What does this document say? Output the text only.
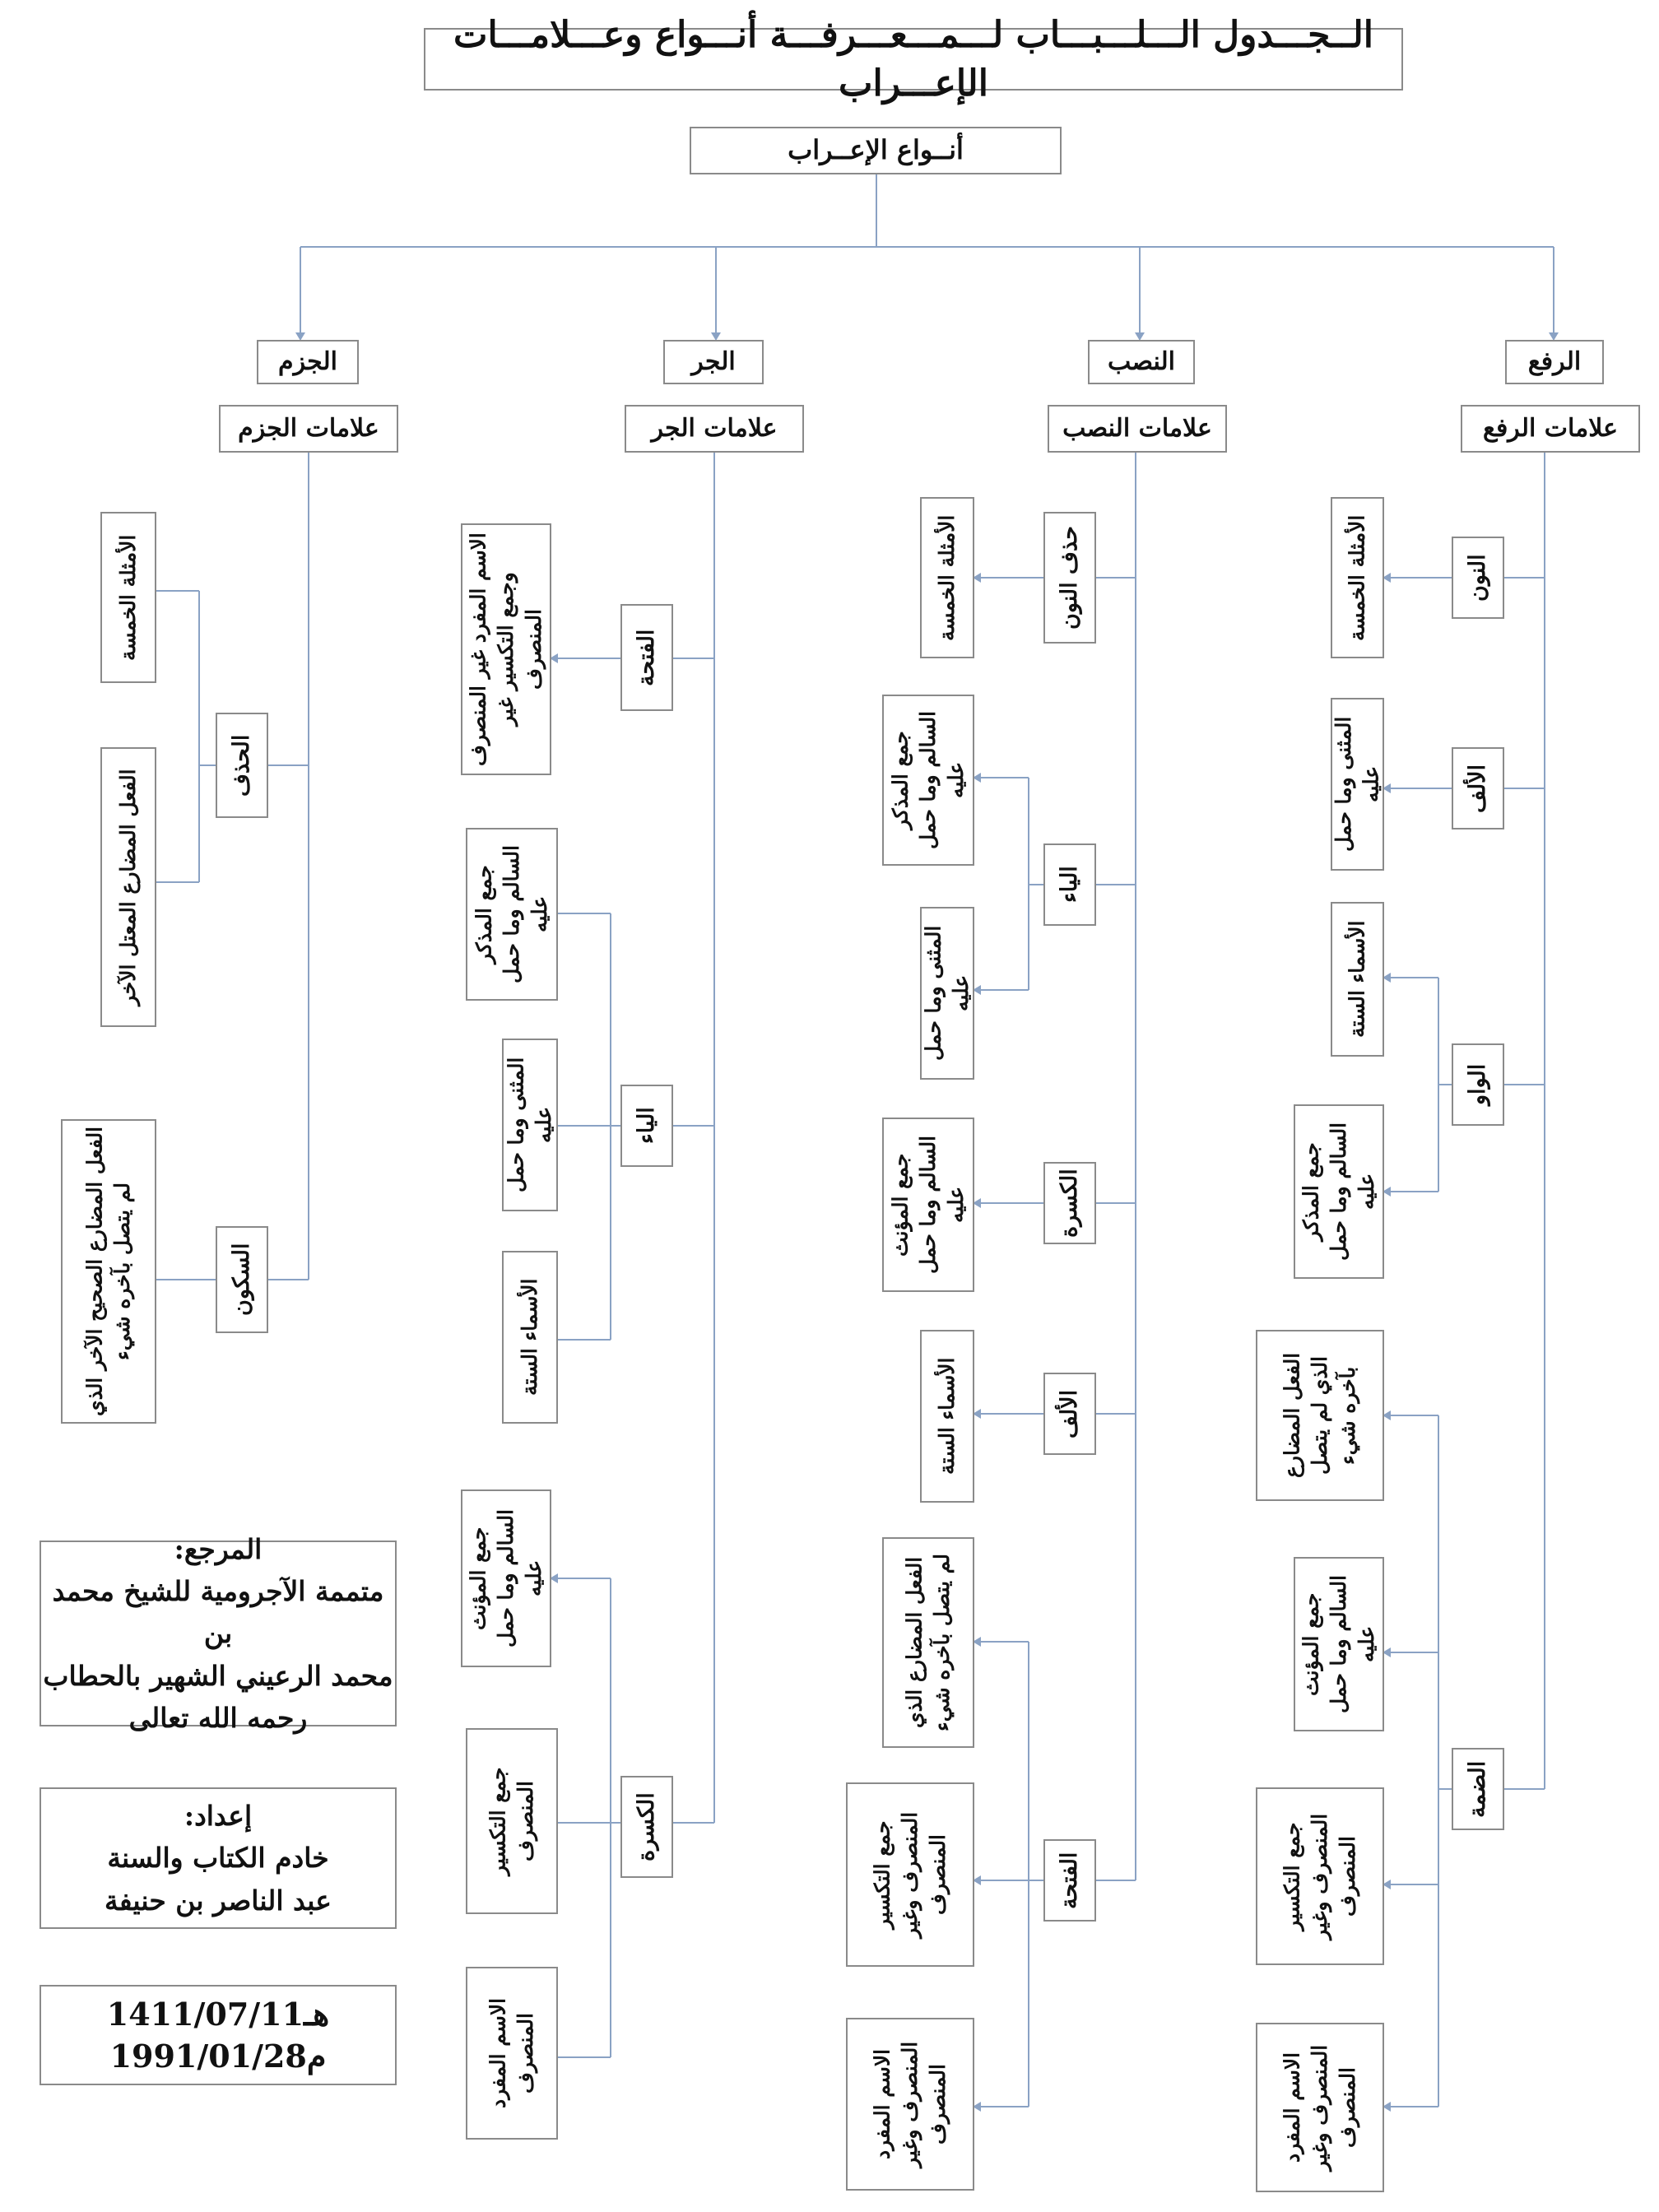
الــجـــدول الـــلـــبـــاب لـــمـــعـــرفـــة أنـــواع وعـــلامـــات الإعـــراب
أنــواع الإعــراب
الرفع
النصب
الجر
الجزم
علامات الرفع
علامات النصب
علامات الجر
علامات الجزم
النون
الألف
الواو
الضمة
الأمثلة الخمسة
المثنى وما حمل عليه
الأسماء الستة
جمع المذكر السالم وما حمل عليه
الفعل المضارع الذي لم يتصل بآخره شيء
جمع المؤنث السالم وما حمل عليه
جمع التكسير المنصرف وغير المنصرف
الاسم المفرد المنصرف وغير المنصرف
حذف النون
الياء
الكسرة
الألف
الفتحة
الأمثلة الخمسة
جمع المذكر السالم وما حمل عليه
المثنى وما حمل عليه
جمع المؤنث السالم وما حمل عليه
الأسماء الستة
الفعل المضارع الذي لم يتصل بآخره شيء
جمع التكسير المنصرف وغير المنصرف
الاسم المفرد المنصرف وغير المنصرف
الفتحة
الياء
الكسرة
الاسم المفرد غير المنصرف وجمع التكسير غير المنصرف
جمع المذكر السالم وما حمل عليه
المثنى وما حمل عليه
الأسماء الستة
جمع المؤنث السالم وما حمل عليه
جمع التكسير المنصرف
الاسم المفرد المنصرف
الحذف
السكون
الأمثلة الخمسة
الفعل المضارع المعتل الآخر
الفعل المضارع الصحيح الآخر الذي لم يتصل بآخره شيء
المرجع:
متممة الآجرومية للشيخ محمد بن
محمد الرعيني الشهير بالحطاب
رحمه الله تعالى
إعداد:
خادم الكتاب والسنة
عبد الناصر بن حنيفة
1411/07/11هـ
1991/01/28م
